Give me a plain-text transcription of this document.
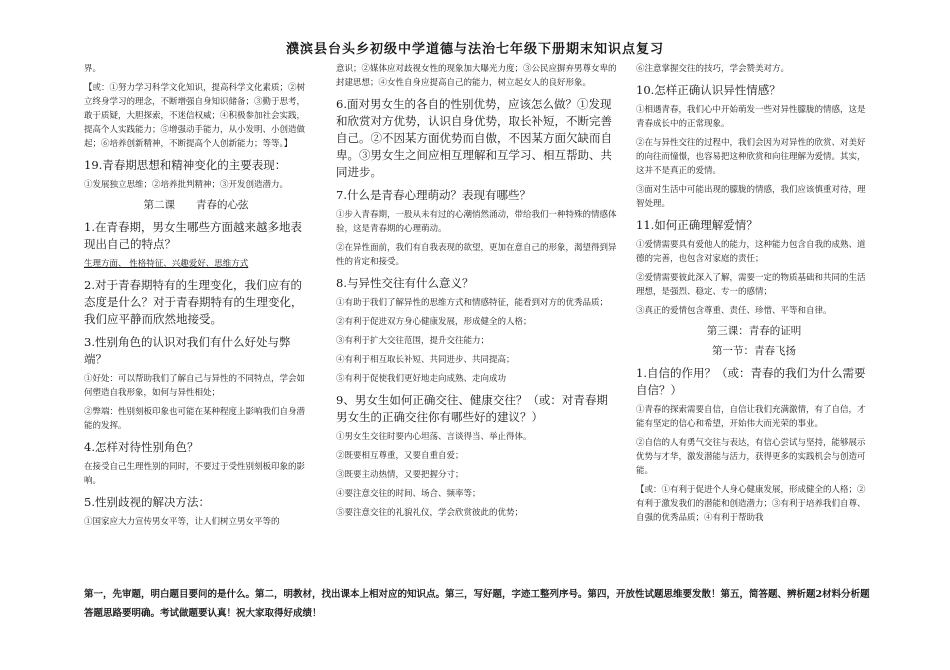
濮滨县台头乡初级中学道德与法治七年级下册期末知识点复习
界。
【或：①努力学习科学文化知识，提高科学文化素质；②树立终身学习的理念，不断增强自身知识储备；③勤于思考，敢于质疑，大胆探索，不迷信权威；④积极参加社会实践，提高个人实践能力；⑤增强动手能力，从小发明、小创造做起；⑥培养创新精神，不断提高个人创新能力；等等。】
19.青春期思想和精神变化的主要表现：
①发展独立思维；②培养批判精神；③开发创造潜力。
第二课　　青春的心弦
1.在青春期，男女生哪些方面越来越多地表现出自己的特点？
生理方面、 性格特征、兴趣爱好、思维方式
2.对于青春期特有的生理变化，我们应有的态度是什么？对于青春期特有的生理变化，我们应平静而欣然地接受。
3.性别角色的认识对我们有什么好处与弊端？
①好处：可以帮助我们了解自己与异性的不同特点，学会如何塑造自我形象，如何与异性相处；
②弊端：性别刻板印象也可能在某种程度上影响我们自身潜能的发挥。
4.怎样对待性别角色？
在接受自己生理性别的同时，不要过于受性别刻板印象的影响。
5.性别歧视的解决方法：
①国家应大力宣传男女平等，让人们树立男女平等的
意识；②媒体应对歧视女性的现象加大曝光力度；③公民应摒弃男尊女卑的封建思想；④女性自身应提高自己的能力，树立起女人的良好形象。
6.面对男女生的各自的性别优势，应该怎么做？①发现和欣赏对方优势，认识自身优势，取长补短，不断完善自己。②不因某方面优势而自傲，不因某方面欠缺而自卑。③男女生之间应相互理解和互学习、相互帮助、共同进步。
7.什么是青春心理萌动？表现有哪些？
①步入青春期，一股从未有过的心潮悄然涌动，带给我们一种特殊的情感体验，这是青春期的心理萌动。
②在异性面前，我们有自我表现的欲望，更加在意自己的形象，渴望得到异性的肯定和接受。
8.与异性交往有什么意义？
①有助于我们了解异性的思维方式和情感特征，能看到对方的优秀品质；
②有利于促进双方身心健康发展，形成健全的人格；
③有利于扩大交往范围，提升交往能力；
④有利于相互取长补短、共同进步、共同提高；
⑤有利于促使我们更好地走向成熟、走向成功
9、男女生如何正确交往、健康交往？（或：对青春期男女生的正确交往你有哪些好的建议？）
①男女生交往时要内心坦荡、言谈得当、举止得体。
②既要相互尊重，又要自重自爱；
③既要主动热情，又要把握分寸；
④要注意交往的时间、场合、频率等；
⑤要注意交往的礼貌礼仪，学会欣赏彼此的优势；
⑥注意掌握交往的技巧，学会赞美对方。
10.怎样正确认识异性情感？
①相遇青春，我们心中开始萌发一些对异性朦胧的情感，这是青春成长中的正常现象。
②在与异性交往的过程中，我们会因为对异性的欣赏、对美好的向往而憧憬，也容易把这种欣赏和向往理解为爱情。其实，这并不是真正的爱情。
③面对生活中可能出现的朦胧的情感，我们应该慎重对待，理智处理。
11.如何正确理解爱情？
①爱情需要具有爱他人的能力，这种能力包含自我的成熟、道德的完善，也包含对家庭的责任；
②爱情需要彼此深入了解，需要一定的物质基础和共同的生活理想，是强烈、稳定、专一的感情；
③真正的爱情包含尊重、责任、珍惜、平等和自律。
第三课：青春的证明
第一节：青春飞扬
1.自信的作用？（或：青春的我们为什么需要自信？）
①青春的探索需要自信，自信让我们充满激情，有了自信，才能有坚定的信心和希望，开始伟大而光荣的事业。
②自信的人有勇气交往与表达，有信心尝试与坚持，能够展示优势与才华，激发潜能与活力，获得更多的实践机会与创造可能。
【或：①有利于促进个人身心健康发展，形成健全的人格；②有利于激发我们的潜能和创造潜力；③有利于培养我们自尊、自强的优秀品质；④有利于帮助我
第一，先审题，明白题目要问的是什么。第二，明教材，找出课本上相对应的知识点。第三，写好题，字迹工整列序号。第四，开放性试题思维要发散！第五，简答题、辨析题2材料分析题答题思路要明确。考试做题要认真！祝大家取得好成绩！
